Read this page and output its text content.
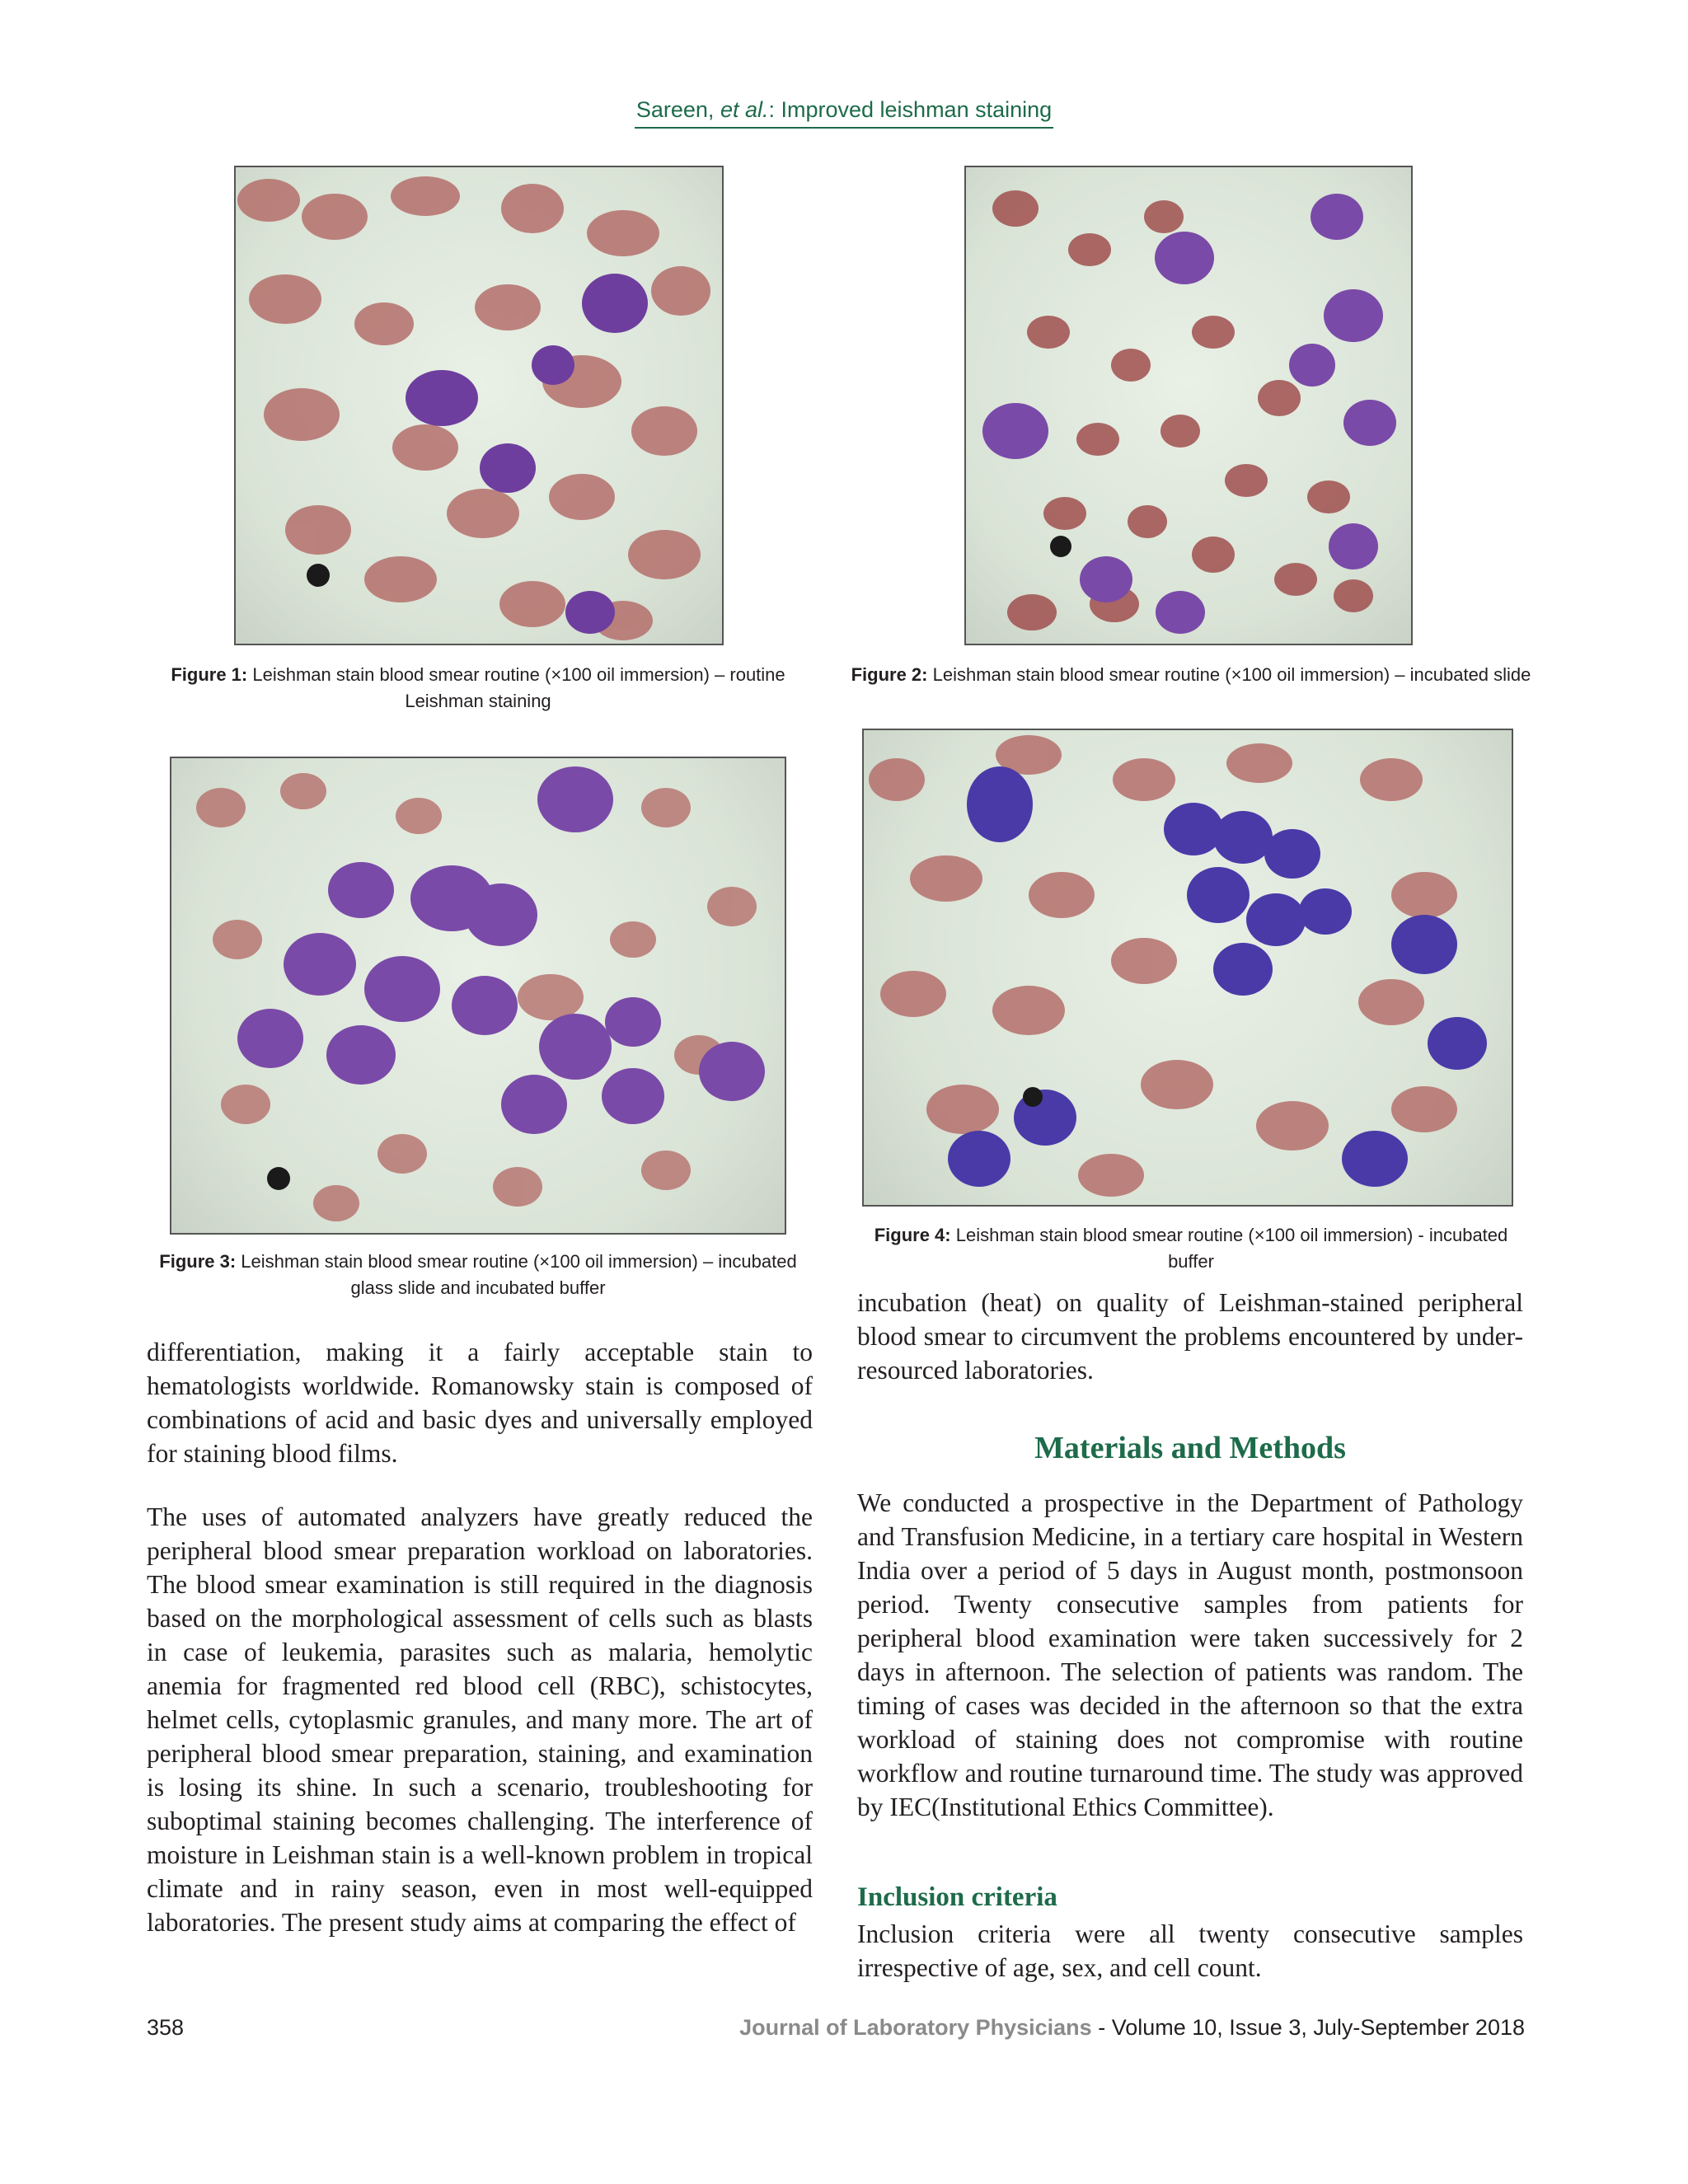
Sareen, et al.: Improved leishman staining
Figure 1: Leishman stain blood smear routine (×100 oil immersion) – routine Leishman staining
Figure 2: Leishman stain blood smear routine (×100 oil immersion) – incubated slide
Figure 4: Leishman stain blood smear routine (×100 oil immersion) - incubated buffer
Figure 3: Leishman stain blood smear routine (×100 oil immersion) – incubated glass slide and incubated buffer

differentiation, making it a fairly acceptable stain to hematologists worldwide. Romanowsky stain is composed of combinations of acid and basic dyes and universally employed for staining blood films.

The uses of automated analyzers have greatly reduced the peripheral blood smear preparation workload on laboratories. The blood smear examination is still required in the diagnosis based on the morphological assessment of cells such as blasts in case of leukemia, parasites such as malaria, hemolytic anemia for fragmented red blood cell (RBC), schistocytes, helmet cells, cytoplasmic granules, and many more. The art of peripheral blood smear preparation, staining, and examination is losing its shine. In such a scenario, troubleshooting for suboptimal staining becomes challenging. The interference of moisture in Leishman stain is a well-known problem in tropical climate and in rainy season, even in most well-equipped laboratories. The present study aims at comparing the effect of

incubation (heat) on quality of Leishman-stained peripheral blood smear to circumvent the problems encountered by under-resourced laboratories.

Materials and Methods

We conducted a prospective in the Department of Pathology and Transfusion Medicine, in a tertiary care hospital in Western India over a period of 5 days in August month, postmonsoon period. Twenty consecutive samples from patients for peripheral blood examination were taken successively for 2 days in afternoon. The selection of patients was random. The timing of cases was decided in the afternoon so that the extra workload of staining does not compromise with routine workflow and routine turnaround time. The study was approved by IEC(Institutional Ethics Committee).

Inclusion criteria

Inclusion criteria were all twenty consecutive samples irrespective of age, sex, and cell count.

358	Journal of Laboratory Physicians - Volume 10, Issue 3, July-September 2018
